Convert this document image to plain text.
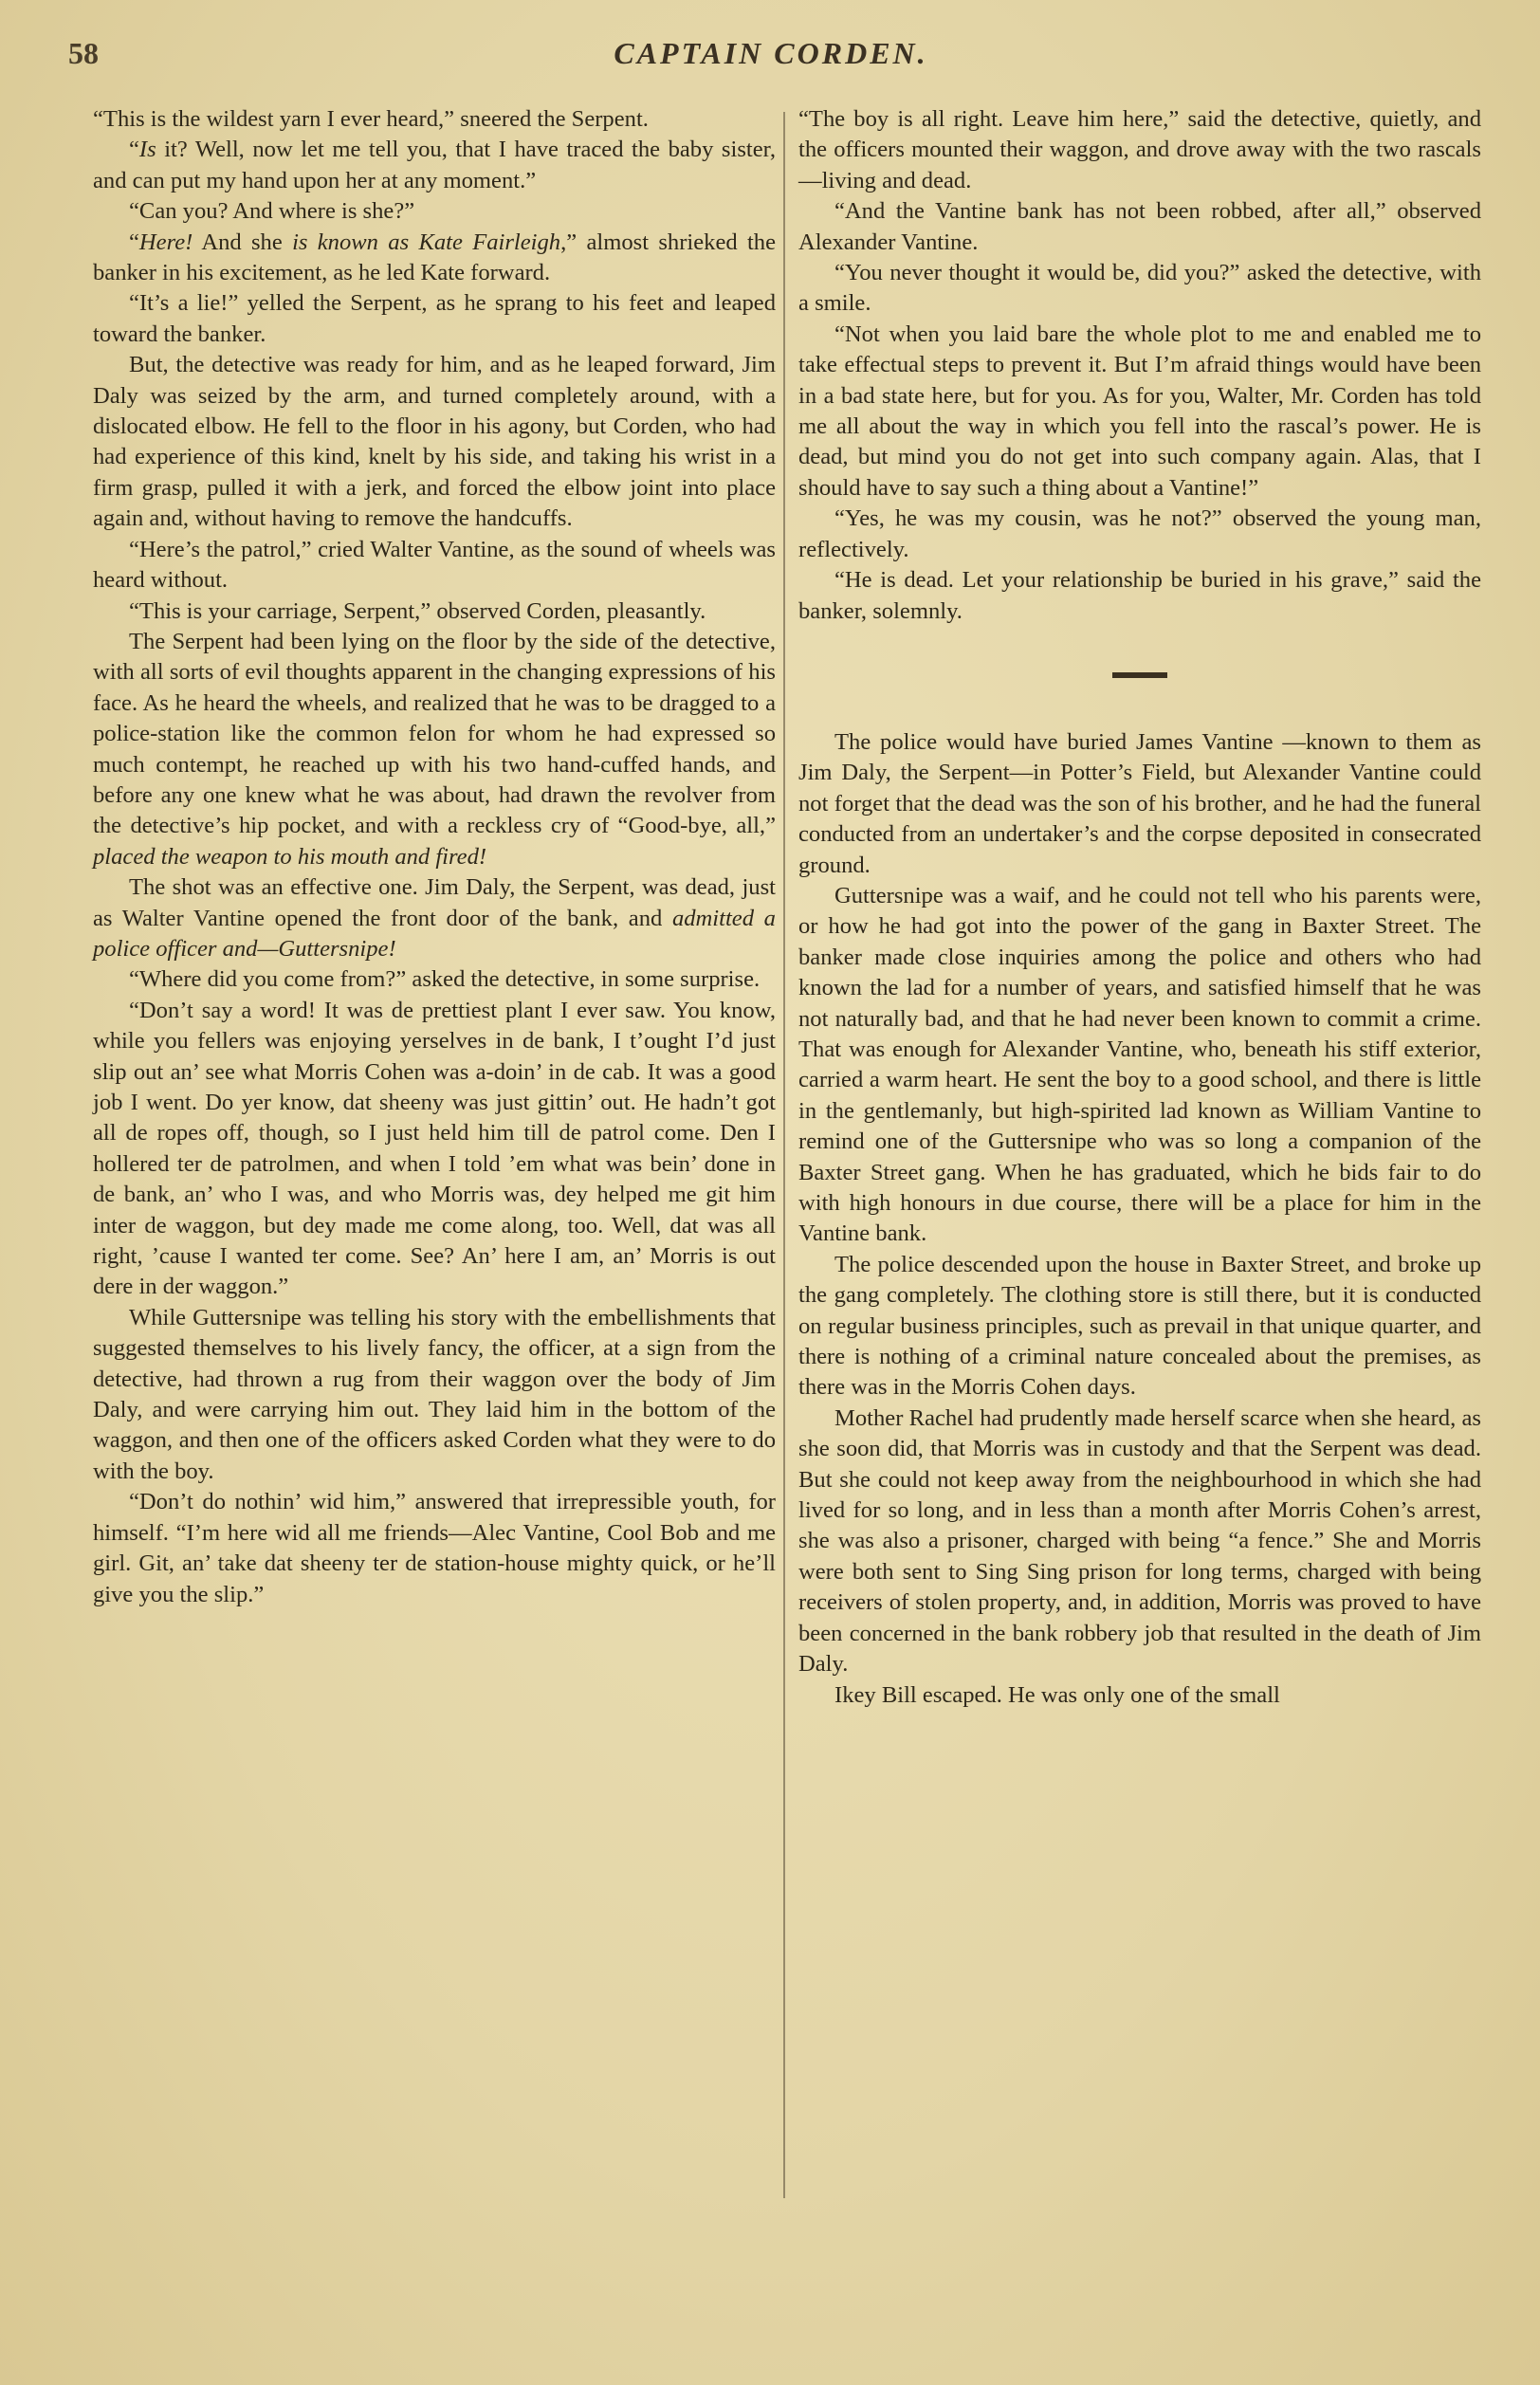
58	CAPTAIN CORDEN.

“This is the wildest yarn I ever heard,” sneered the Serpent.

“Is it? Well, now let me tell you, that I have traced the baby sister, and can put my hand upon her at any moment.”

“Can you? And where is she?”

“Here! And she is known as Kate Fairleigh,” almost shrieked the banker in his excitement, as he led Kate forward.

“It’s a lie!” yelled the Serpent, as he sprang to his feet and leaped toward the banker.

But, the detective was ready for him, and as he leaped forward, Jim Daly was seized by the arm, and turned completely around, with a dislocated elbow. He fell to the floor in his agony, but Corden, who had had experience of this kind, knelt by his side, and taking his wrist in a firm grasp, pulled it with a jerk, and forced the elbow joint into place again and, without having to remove the handcuffs.

“Here’s the patrol,” cried Walter Vantine, as the sound of wheels was heard without.

“This is your carriage, Serpent,” observed Corden, pleasantly.

The Serpent had been lying on the floor by the side of the detective, with all sorts of evil thoughts apparent in the changing expressions of his face. As he heard the wheels, and realized that he was to be dragged to a police-station like the common felon for whom he had expressed so much contempt, he reached up with his two hand-cuffed hands, and before any one knew what he was about, had drawn the revolver from the detective’s hip pocket, and with a reckless cry of “Good-bye, all,” placed the weapon to his mouth and fired!

The shot was an effective one. Jim Daly, the Serpent, was dead, just as Walter Vantine opened the front door of the bank, and admitted a police officer and—Guttersnipe!

“Where did you come from?” asked the detective, in some surprise.

“Don’t say a word! It was de prettiest plant I ever saw. You know, while you fellers was enjoying yerselves in de bank, I t’ought I’d just slip out an’ see what Morris Cohen was a-doin’ in de cab. It was a good job I went. Do yer know, dat sheeny was just gittin’ out. He hadn’t got all de ropes off, though, so I just held him till de patrol come. Den I hollered ter de patrolmen, and when I told ’em what was bein’ done in de bank, an’ who I was, and who Morris was, dey helped me git him inter de waggon, but dey made me come along, too. Well, dat was all right, ’cause I wanted ter come. See? An’ here I am, an’ Morris is out dere in der waggon.”

While Guttersnipe was telling his story with the embellishments that suggested themselves to his lively fancy, the officer, at a sign from the detective, had thrown a rug from their waggon over the body of Jim Daly, and were carrying him out. They laid him in the bottom of the waggon, and then one of the officers asked Corden what they were to do with the boy.

“Don’t do nothin’ wid him,” answered that irrepressible youth, for himself. “I’m here wid all me friends—Alec Vantine, Cool Bob and me girl. Git, an’ take dat sheeny ter de station-house mighty quick, or he’ll give you the slip.”

“The boy is all right. Leave him here,” said the detective, quietly, and the officers mounted their waggon, and drove away with the two rascals—living and dead.

“And the Vantine bank has not been robbed, after all,” observed Alexander Vantine.

“You never thought it would be, did you?” asked the detective, with a smile.

“Not when you laid bare the whole plot to me and enabled me to take effectual steps to prevent it. But I’m afraid things would have been in a bad state here, but for you. As for you, Walter, Mr. Corden has told me all about the way in which you fell into the rascal’s power. He is dead, but mind you do not get into such company again. Alas, that I should have to say such a thing about a Vantine!”

“Yes, he was my cousin, was he not?” observed the young man, reflectively.

“He is dead. Let your relationship be buried in his grave,” said the banker, solemnly.

The police would have buried James Vantine —known to them as Jim Daly, the Serpent—in Potter’s Field, but Alexander Vantine could not forget that the dead was the son of his brother, and he had the funeral conducted from an undertaker’s and the corpse deposited in consecrated ground.

Guttersnipe was a waif, and he could not tell who his parents were, or how he had got into the power of the gang in Baxter Street. The banker made close inquiries among the police and others who had known the lad for a number of years, and satisfied himself that he was not naturally bad, and that he had never been known to commit a crime. That was enough for Alexander Vantine, who, beneath his stiff exterior, carried a warm heart. He sent the boy to a good school, and there is little in the gentlemanly, but high-spirited lad known as William Vantine to remind one of the Guttersnipe who was so long a companion of the Baxter Street gang. When he has graduated, which he bids fair to do with high honours in due course, there will be a place for him in the Vantine bank.

The police descended upon the house in Baxter Street, and broke up the gang completely. The clothing store is still there, but it is conducted on regular business principles, such as prevail in that unique quarter, and there is nothing of a criminal nature concealed about the premises, as there was in the Morris Cohen days.

Mother Rachel had prudently made herself scarce when she heard, as she soon did, that Morris was in custody and that the Serpent was dead. But she could not keep away from the neighbourhood in which she had lived for so long, and in less than a month after Morris Cohen’s arrest, she was also a prisoner, charged with being “a fence.” She and Morris were both sent to Sing Sing prison for long terms, charged with being receivers of stolen property, and, in addition, Morris was proved to have been concerned in the bank robbery job that resulted in the death of Jim Daly.

Ikey Bill escaped. He was only one of the small
